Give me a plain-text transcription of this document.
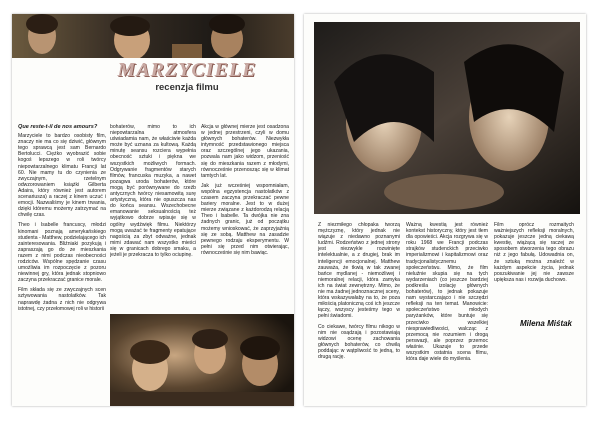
MARZYCIELE
recenzja filmu

Que reste-t-il de nos amours?

Marzyciele to bardzo osobisty film, znaczy nie ma co się dziwić, głównym tego sprawcą jest sam Bernardo Bertolucci. Ciężko wyobrazić sobie kogoś lepszego w roli twórcy niepowtarzalnego klimatu Francji lat 60. Nie mamy tu do czynienia ze zwyczajnym, rzetelnym odwzorowaniem książki Gilberta Adaira, który również jest autorem scenariusza) a raczej z kinem uczuć i emocji. Nazwaliśmy je kinem trwania, dzięki któremu możemy zatrzymać na chwilę czas.

Theo i Isabelle francuscy, młodzi kinomani poznają amerykańskiego studenta - Matthew, podzielającego ich zainteresowania. Bliźniaki pozykują i zapraszają go do ze mieszkania razem z nimi podczas nieobecności rodziców. Wspólne spędzanie czasu umożliwia im rozpoczęcie z pozoru niewinnej gry, która jednak stopniowo zaczyna przekraczać granice morale.

Film składa się ze zwyczajnych scen sztywowania nastolatków. Tak naprawdę żadna z nich nie odgrywa istotnej, czy przełomowej roli w historii

bohaterów, mimo to ich niepowtarzalna atmosfera uświadamia nam, że właściwie każda może być uznana za kultową. Każdą minutę seansu rozciera wypełnia obecność sztuki i piękna we wszystkich możliwych formach. Odgrywanie fragmentów starych filmów, francuska muzyka, a nawet pozagwa uroda bohaterów, które mogą być porównywane do rzeźb antycznych twórcy niesamowitą surę artystyczną, która nie opuszcza nas do końca seansu. Wszechobecne emanowanie seksualnością też wyjątkowo dobrze wpisuje się w ogólny wydźwięk filmu. Niektórzy mogą uważać te fragmenty epatujące nagością za zbyt odważne, jednak mimi zdawać nam wszystko mieści się w granicach dobrego smaku, a jeżeli je przekracza to tylko ociupinę.

Akcja w głównej mierze jest osadzona w jednej przestrzeni, czyli w domu głównych bohaterów. Niezwykła intymność przedstawionego miejsca oraz szczególnej jego ukazania, pozwala nam jako widzom, przeniość się do mieszkania razem z młodymi, równocześnie przenosząc się w klimat tamtych lat.

Jak już wcześniej wspomniałam, wspólna egzystencja nastolatków z czasem zaczyna przekraczać pewne bariery moralne. Jest to w dużej mierze związane z każdorodzą relacją Theo i Isabelle. Ta dwójka nie zna żadnych granic, już od początku możemy wnioskować, że zaprzyjaźnią się ze sobą. Matthew na zasadzie pewnego rodzaju eksperymentu. W pełni się przed nim otwierając, równocześnie się nim bawiąc.

Z niezmiłego chłopaka tworzą mężczyznę, który jednak nie wiązuje z niedawno poznanymi ludźmi. Rodzeństwo z jednej strony jest niezwykle rozwinięte intelektualnie, a z drugiej, brak im inteligencji emocjonalnej. Matthew zauważa, że tkwią w tak zwanej bańce mydlanej - niemożliwej i niemoralnej relacji, która zamyka ich na świat zewnętrzny. Mimo, że nie ma żadnej jednoznacznej sceny, która wskazywałaby na to, że poza miłością platoniczną coś ich jeszcze łączy, wszyscy jesteśmy tego w pełni świadomi.

Co ciekawe, twórcy filmu nikogo w nim nie osądzają i pozostawiają widzowi ocenę zachowania głównych bohaterów, co chwilą poddając w wątpliwość to jedną, to drugą rację.

Ważną kwestią jest również kontekst historyczny, który jest tłem dla opowieści. Akcja rozgrywa się w roku 1968 we Francji podczas strajków studenckich przeciwko imperializmowi i kapitalizmowi oraz tradycjonalistycznemu społeczeństwu. Mimo, że film nieluźnie skupia się na tych wydarzeniach (co jeszcze bardziej podkreśla izolację głównych bohaterów), to jednak pokazuje nam wystarczająco i nie szczędzi refleksji na ten temat. Manowicie: społeczeństwo młodych paryżanków, które buntuje się przeciwko wszelkiej niesprawiedliwości, walcząc z przemocą nie rozumiem i drogą perswazji, ale poprzez przemoc właśnie. Ukazuje to przede wszystkim ostatnia scena filmu, która daje wiele do myślenia.

Film oprócz rozmaitych ważniejszych refleksji moralnych, pokazuje jeszcze jedną ciekawą kwestię, wiążącą się raczej ze sposobem stworzenia tego obrazu niż z jego fabułą. Udowadnia on, że sztuką można znaleźć w każdym aspekcie życia, jednak poszukiwanie jej nie zawsze upiększa nas i rozwija duchowo.

Milena Miśtak
